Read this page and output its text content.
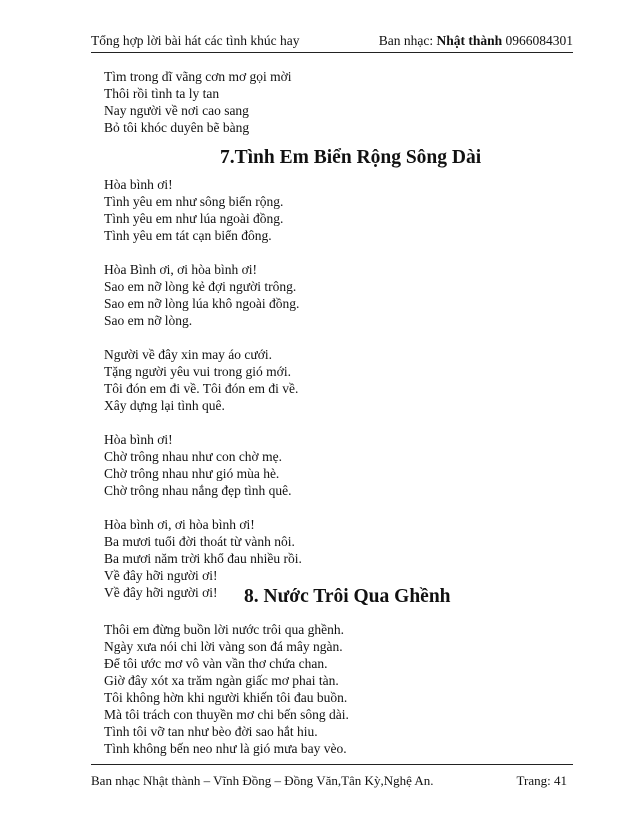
Tổng hợp lời bài hát các tình khúc hay	Ban nhạc: Nhật thành 0966084301
Tìm trong dĩ vãng cơn mơ gọi mời
Thôi rồi tình ta ly tan
Nay người về nơi cao sang
Bỏ tôi khóc duyên bẽ bàng
7.Tình Em Biển Rộng Sông Dài
Hòa bình ơi!
Tình yêu em như sông biển rộng.
Tình yêu em như lúa ngoài đồng.
Tình yêu em tát cạn biển đông.
Hòa Bình ơi, ơi hòa bình ơi!
Sao em nỡ lòng kẻ đợi người trông.
Sao em nỡ lòng lúa khô ngoài đồng.
Sao em nỡ lòng.
Người về đây xin may áo cưới.
Tặng người yêu vui trong gió mới.
Tôi đón em đi về. Tôi đón em đi về.
Xây dựng lại tình quê.
Hòa bình ơi!
Chờ trông nhau như con chờ mẹ.
Chờ trông nhau như gió mùa hè.
Chờ trông nhau nắng đẹp tình quê.
Hòa bình ơi, ơi hòa bình ơi!
Ba mươi tuổi đời thoát từ vành nôi.
Ba mươi năm trời khổ đau nhiều rồi.
Về đây hỡi người ơi!
Về đây hỡi người ơi!	8. Nước Trôi Qua Ghềnh
Thôi em đừng buồn lời nước trôi qua ghềnh.
Ngày xưa nói chi lời vàng son đá mây ngàn.
Để tôi ước mơ vô vàn vần thơ chứa chan.
Giờ đây xót xa trăm ngàn giấc mơ phai tàn.
Tôi không hờn khi người khiến tôi đau buồn.
Mà tôi trách con thuyền mơ chi bến sông dài.
Tình tôi vỡ tan như bèo đời sao hắt hiu.
Tình không bến neo như là gió mưa bay vèo.
Ban nhạc Nhật thành – Vĩnh Đồng – Đồng Văn,Tân Kỳ,Nghệ An.	Trang: 41
